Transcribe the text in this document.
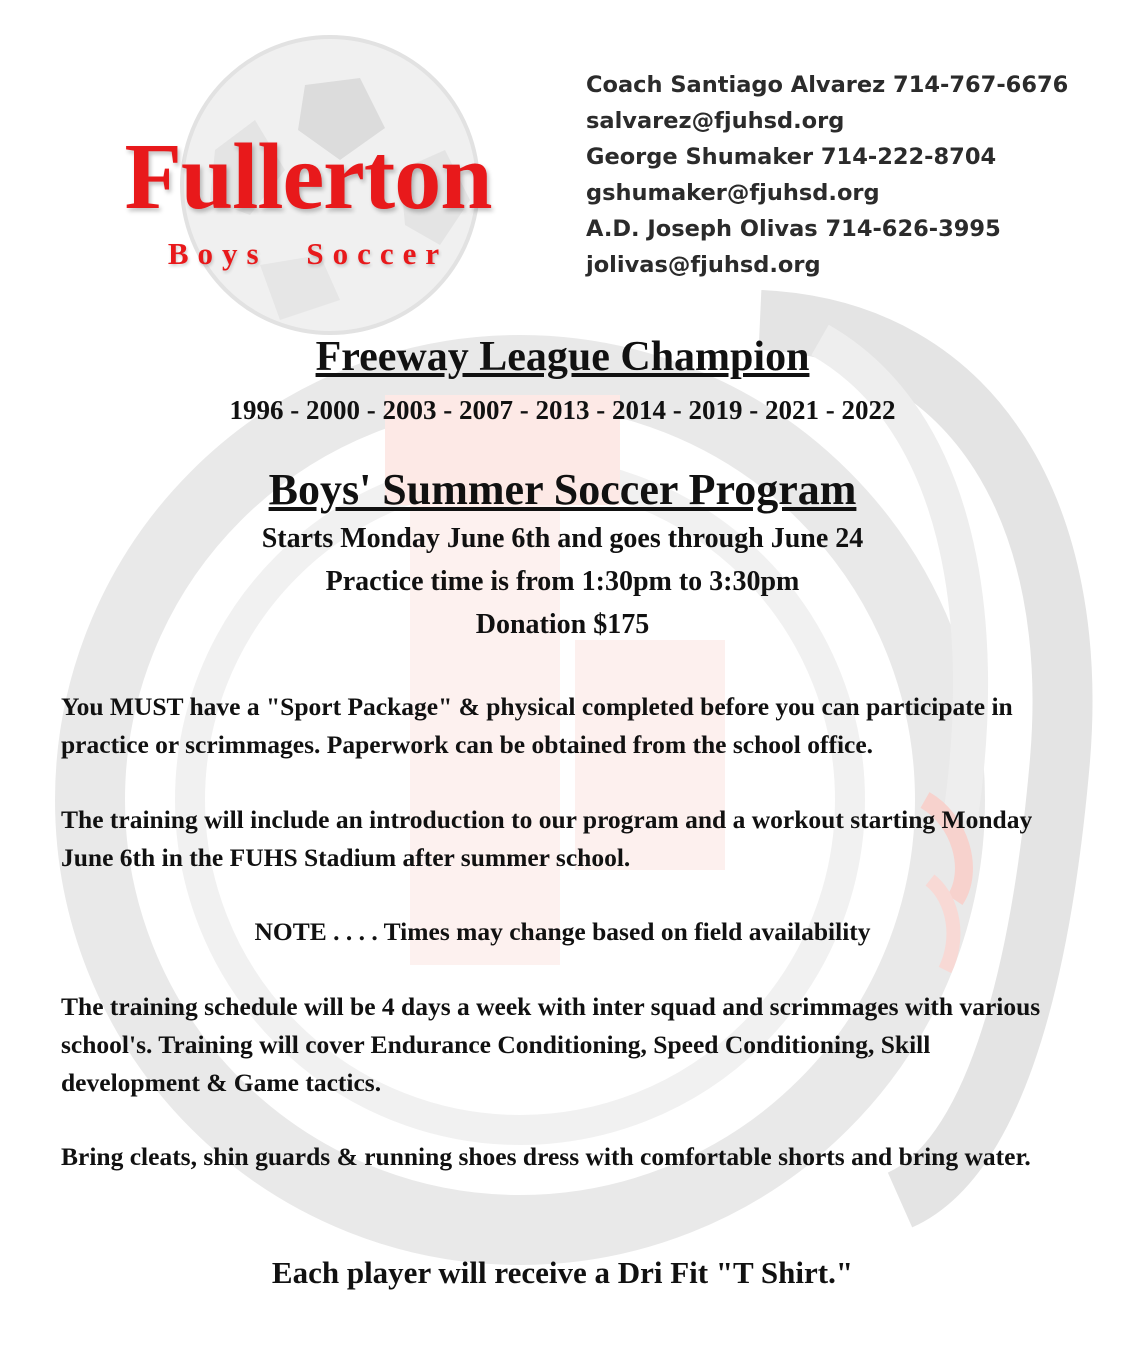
Fullerton
Boys Soccer
Coach Santiago Alvarez 714-767-6676
salvarez@fjuhsd.org
George Shumaker 714-222-8704
gshumaker@fjuhsd.org
A.D. Joseph Olivas 714-626-3995
jolivas@fjuhsd.org
Freeway League Champion
1996 - 2000 - 2003 - 2007 - 2013 - 2014 - 2019 - 2021 - 2022
Boys' Summer Soccer Program
Starts Monday June 6th and goes through June 24
Practice time is from 1:30pm to 3:30pm
Donation $175
You MUST have a "Sport Package" & physical completed before you can participate in practice or scrimmages. Paperwork can be obtained from the school office.
The training will include an introduction to our program and a workout starting Monday June 6th in the FUHS Stadium after summer school.
NOTE . . . . Times may change based on field availability
The training schedule will be 4 days a week with inter squad and scrimmages with various school's. Training will cover Endurance Conditioning, Speed Conditioning, Skill development & Game tactics.
Bring cleats, shin guards & running shoes dress with comfortable shorts and bring water.
Each player will receive a Dri Fit "T Shirt."
